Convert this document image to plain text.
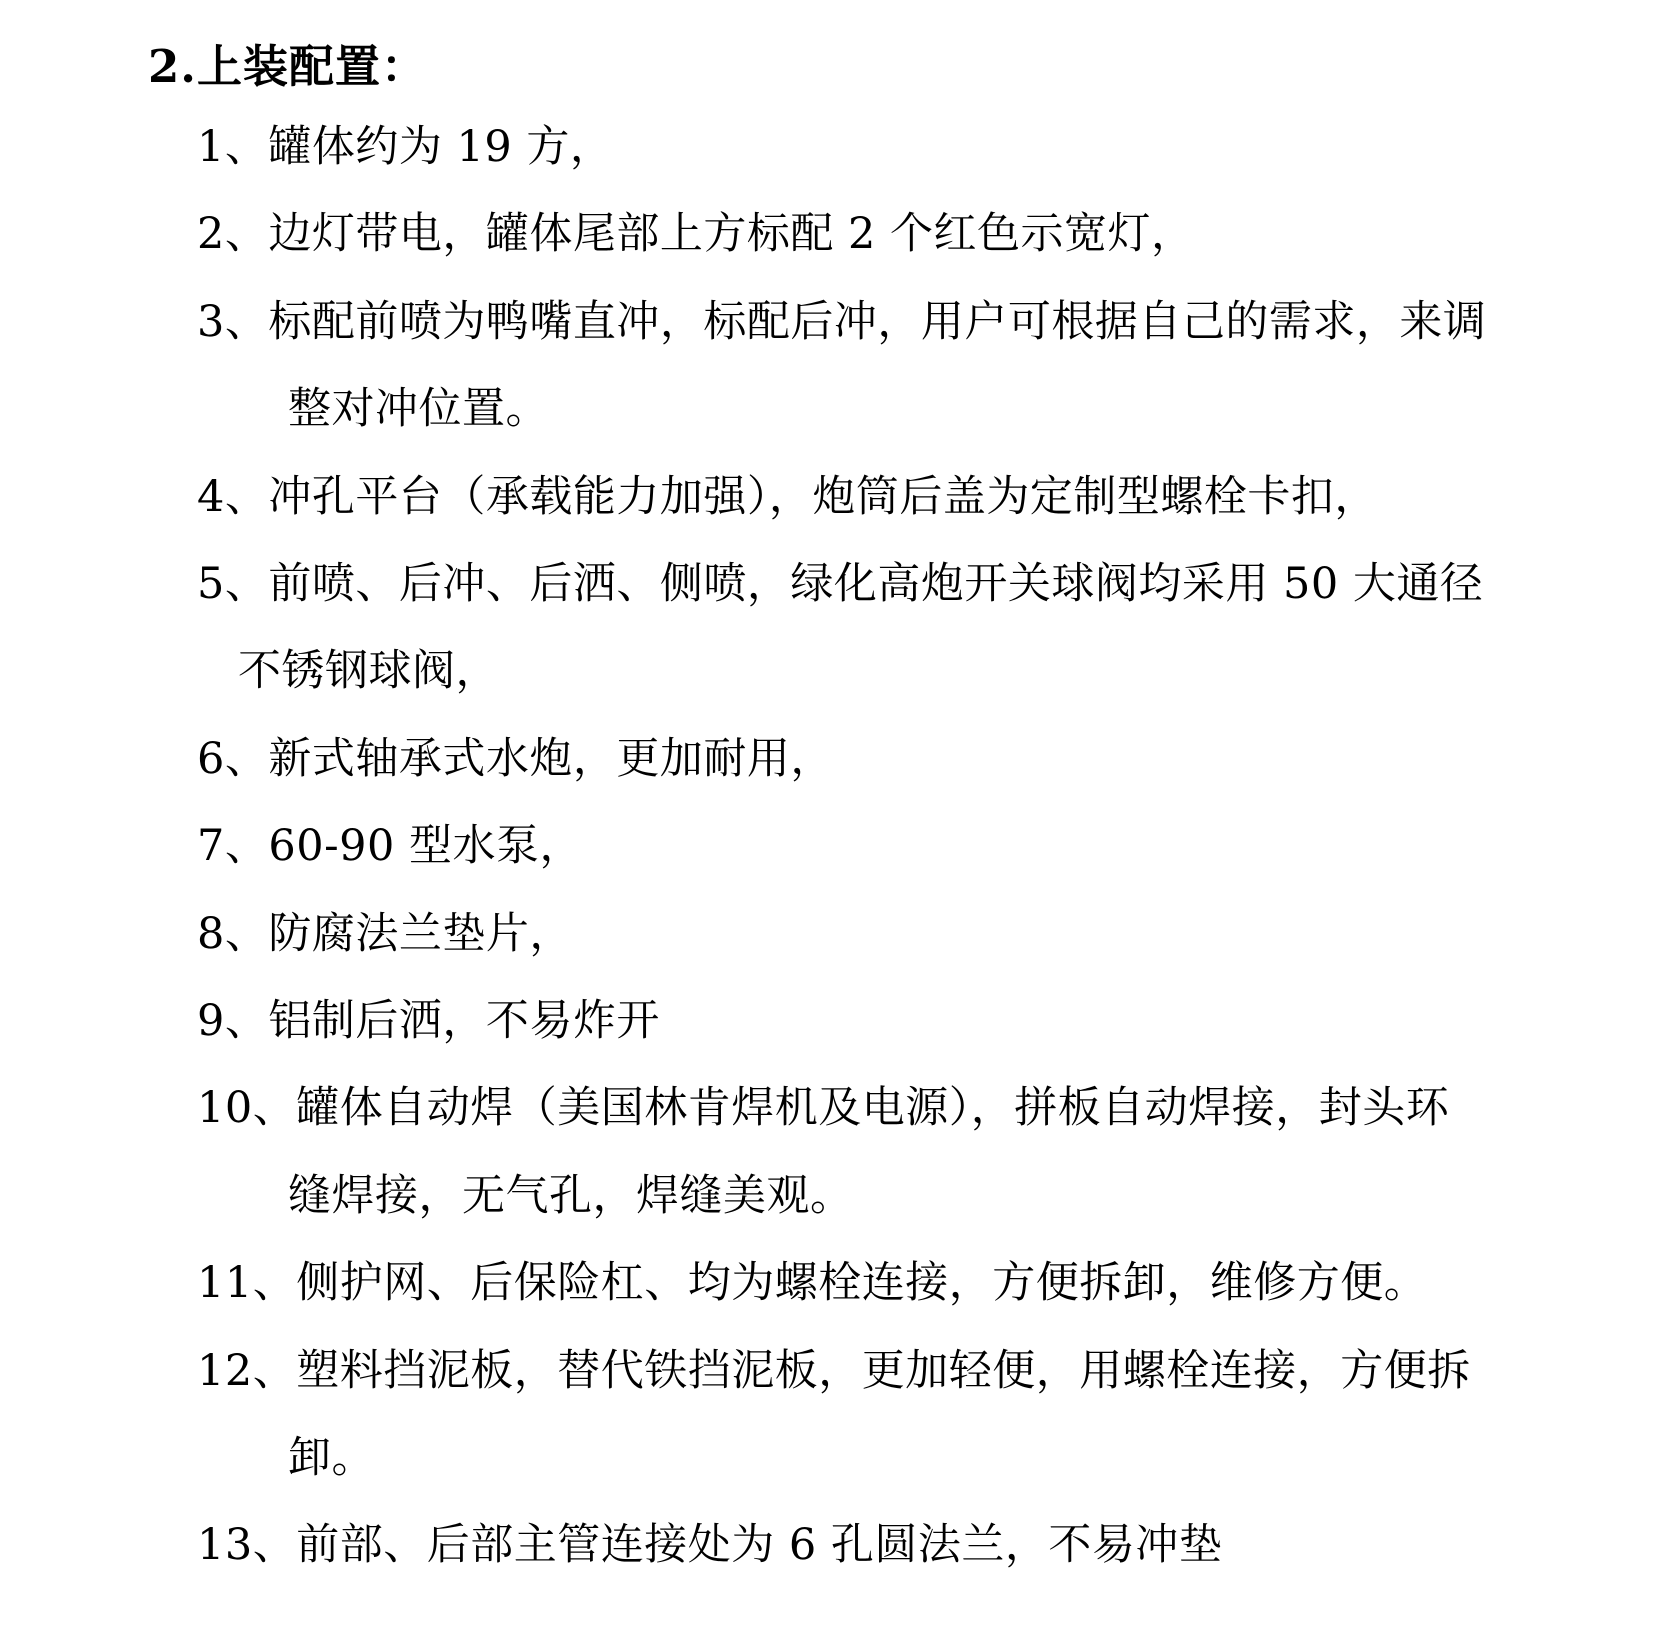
2.上装配置：
1、罐体约为 19 方，
2、边灯带电，罐体尾部上方标配 2 个红色示宽灯，
3、标配前喷为鸭嘴直冲，标配后冲，用户可根据自己的需求，来调
整对冲位置。
4、冲孔平台（承载能力加强），炮筒后盖为定制型螺栓卡扣，
5、前喷、后冲、后洒、侧喷，绿化高炮开关球阀均采用 50 大通径
不锈钢球阀，
6、新式轴承式水炮，更加耐用，
7、60-90 型水泵，
8、防腐法兰垫片，
9、铝制后洒，不易炸开
10、罐体自动焊（美国林肯焊机及电源），拼板自动焊接，封头环
缝焊接，无气孔，焊缝美观。
11、侧护网、后保险杠、均为螺栓连接，方便拆卸，维修方便。
12、塑料挡泥板，替代铁挡泥板，更加轻便，用螺栓连接，方便拆
卸。
13、前部、后部主管连接处为 6 孔圆法兰，不易冲垫
